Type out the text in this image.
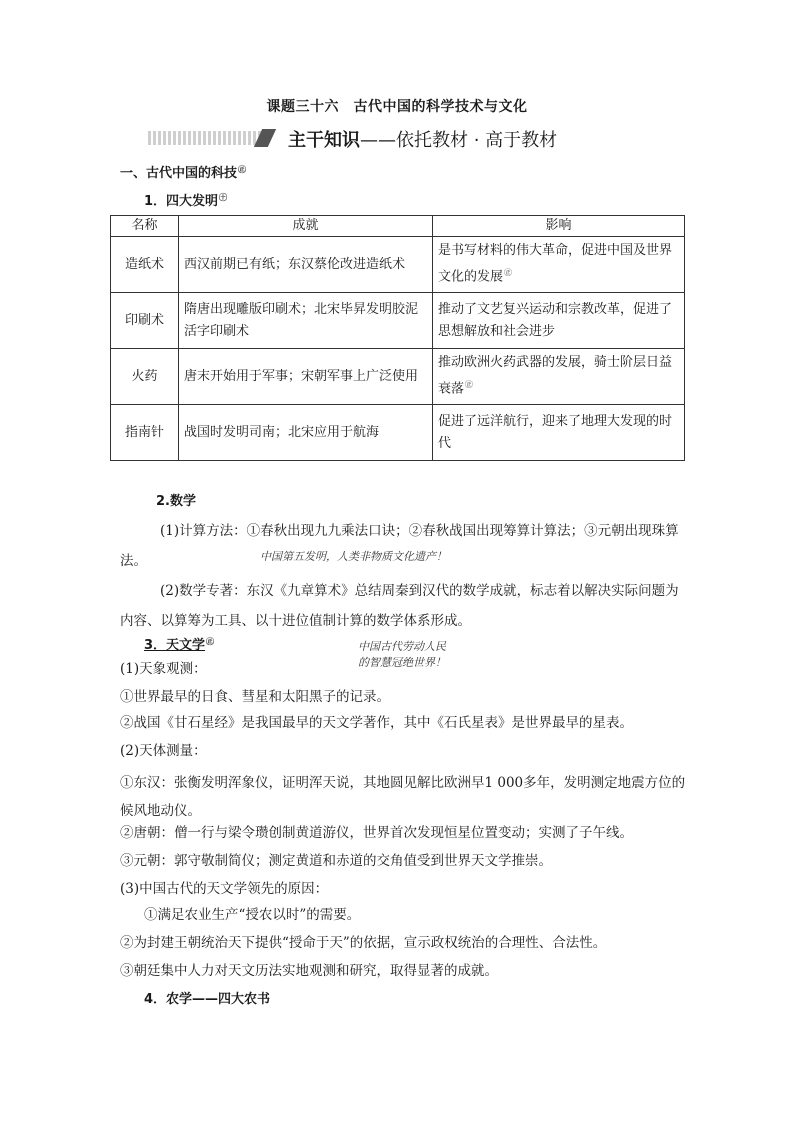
课题三十六　古代中国的科学技术与文化
主干知识——依托教材 · 高于教材
一、古代中国的科技㊣
1．四大发明$^㊉$
名称	成就	影响
造纸术	西汉前期已有纸；东汉蔡伦改进造纸术	是书写材料的伟大革命，促进中国及世界文化的发展㊣
印刷术	隋唐出现雕版印刷术；北宋毕昇发明胶泥活字印刷术	推动了文艺复兴运动和宗教改革，促进了思想解放和社会进步
火药	唐末开始用于军事；宋朝军事上广泛使用	推动欧洲火药武器的发展，骑士阶层日益衰落㊣
指南针	战国时发明司南；北宋应用于航海	促进了远洋航行，迎来了地理大发现的时代
2.数学
(1)计算方法：①春秋出现九九乘法口诀；②春秋战国出现筹算计算法；③元朝出现珠算法。	中国第五发明，人类非物质文化遗产！
(2)数学专著：东汉《九章算术》总结周秦到汉代的数学成就，标志着以解决实际问题为内容、以算筹为工具、以十进位值制计算的数学体系形成。
3．天文学㊣	中国古代劳动人民
的智慧冠绝世界！
(1)天象观测：
①世界最早的日食、彗星和太阳黑子的记录。
②战国《甘石星经》是我国最早的天文学著作，其中《石氏星表》是世界最早的星表。
(2)天体测量：
①东汉：张衡发明浑象仪，证明浑天说，其地圆见解比欧洲早1 000多年，发明测定地震方位的候风地动仪。
②唐朝：僧一行与梁令瓒创制黄道游仪，世界首次发现恒星位置变动；实测了子午线。
③元朝：郭守敬制简仪；测定黄道和赤道的交角值受到世界天文学推崇。
(3)中国古代的天文学领先的原因：
①满足农业生产“授农以时”的需要。
②为封建王朝统治天下提供“授命于天”的依据，宣示政权统治的合理性、合法性。
③朝廷集中人力对天文历法实地观测和研究，取得显著的成就。
4．农学——四大农书
